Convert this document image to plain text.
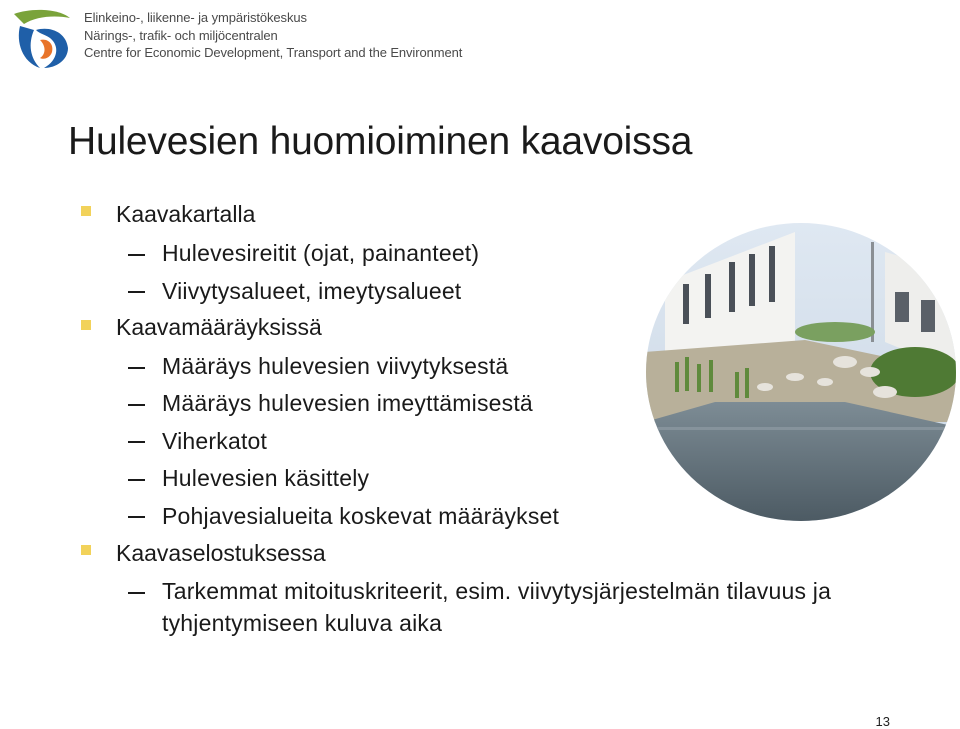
Elinkeino-, liikenne- ja ympäristökeskus
Närings-, trafik- och miljöcentralen
Centre for Economic Development, Transport and the Environment
Hulevesien huomioiminen kaavoissa
Kaavakartalla
Hulevesireitit (ojat, painanteet)
Viivytysalueet, imeytysalueet
Kaavamääräyksissä
Määräys hulevesien viivytyksestä
Määräys hulevesien imeyttämisestä
Viherkatot
Hulevesien käsittely
Pohjavesialueita koskevat määräykset
Kaavaselostuksessa
Tarkemmat mitoituskriteerit, esim. viivytysjärjestelmän tilavuus ja
tyhjentymiseen kuluva aika
13
